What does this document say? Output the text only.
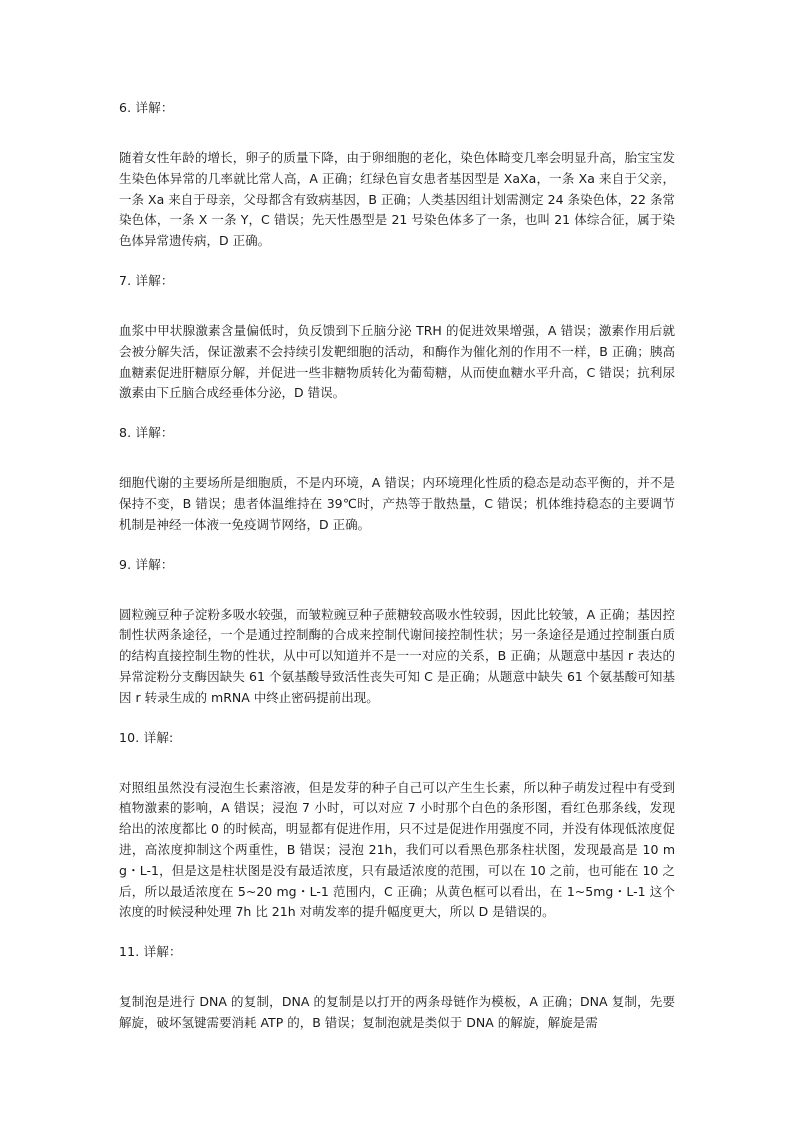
6. 详解：

随着女性年龄的增长，卵子的质量下降，由于卵细胞的老化，染色体畸变几率会明显升高，胎宝宝发生染色体异常的几率就比常人高，A 正确；红绿色盲女患者基因型是 XaXa，一条 Xa 来自于父亲，一条 Xa 来自于母亲，父母都含有致病基因，B 正确；人类基因组计划需测定 24 条染色体，22 条常染色体，一条 X 一条 Y，C 错误；先天性愚型是 21 号染色体多了一条，也叫 21 体综合征，属于染色体异常遗传病，D 正确。

7. 详解：

血浆中甲状腺激素含量偏低时，负反馈到下丘脑分泌 TRH 的促进效果增强，A 错误；激素作用后就会被分解失活，保证激素不会持续引发靶细胞的活动，和酶作为催化剂的作用不一样，B 正确；胰高血糖素促进肝糖原分解，并促进一些非糖物质转化为葡萄糖，从而使血糖水平升高，C 错误；抗利尿激素由下丘脑合成经垂体分泌，D 错误。

8. 详解：

细胞代谢的主要场所是细胞质，不是内环境，A 错误；内环境理化性质的稳态是动态平衡的，并不是保持不变，B 错误；患者体温维持在 39℃时，产热等于散热量，C 错误；机体维持稳态的主要调节机制是神经一体液一免疫调节网络，D 正确。

9. 详解：

圆粒豌豆种子淀粉多吸水较强，而皱粒豌豆种子蔗糖较高吸水性较弱，因此比较皱，A 正确；基因控制性状两条途径，一个是通过控制酶的合成来控制代谢间接控制性状；另一条途径是通过控制蛋白质的结构直接控制生物的性状，从中可以知道并不是一一对应的关系，B 正确；从题意中基因 r 表达的异常淀粉分支酶因缺失 61 个氨基酸导致活性丧失可知 C 是正确；从题意中缺失 61 个氨基酸可知基因 r 转录生成的 mRNA 中终止密码提前出现。

10. 详解:

对照组虽然没有浸泡生长素溶液，但是发芽的种子自己可以产生生长素，所以种子萌发过程中有受到植物激素的影响，A 错误；浸泡 7 小时，可以对应 7 小时那个白色的条形图，看红色那条线，发现给出的浓度都比 0 的时候高，明显都有促进作用，只不过是促进作用强度不同，并没有体现低浓度促进，高浓度抑制这个两重性，B 错误；浸泡 21h，我们可以看黑色那条柱状图，发现最高是 10 mg・L-1，但是这是柱状图是没有最适浓度，只有最适浓度的范围，可以在 10 之前，也可能在 10 之后，所以最适浓度在 5~20 mg・L-1 范围内，C 正确；从黄色框可以看出，在 1~5mg・L-1 这个浓度的时候浸种处理 7h 比 21h 对萌发率的提升幅度更大，所以 D 是错误的。

11. 详解：

复制泡是进行 DNA 的复制，DNA 的复制是以打开的两条母链作为模板，A 正确；DNA 复制，先要解旋，破坏氢键需要消耗 ATP 的，B 错误；复制泡就是类似于 DNA 的解旋，解旋是需
